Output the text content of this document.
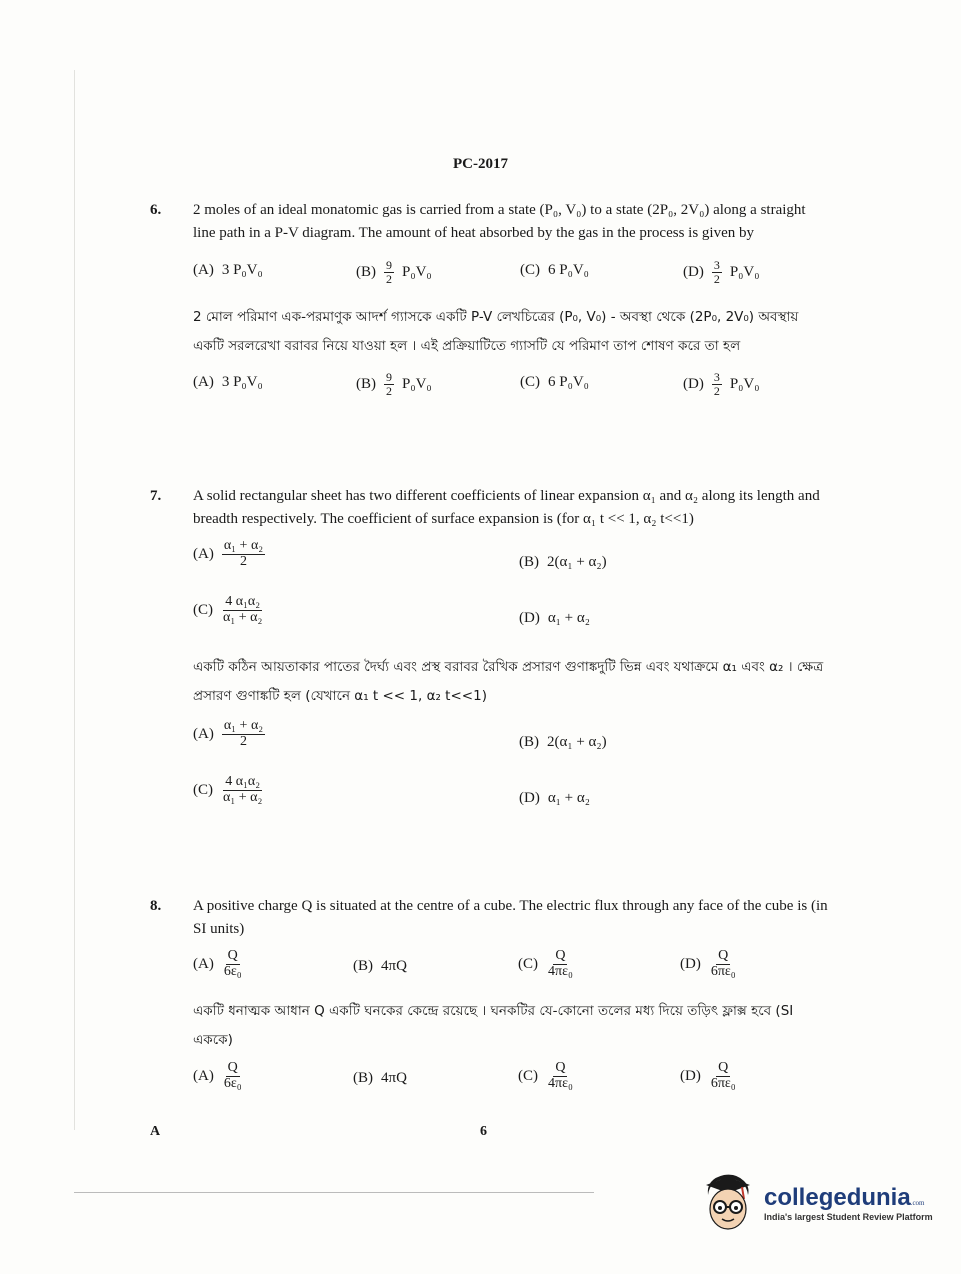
PC-2017
6. 2 moles of an ideal monatomic gas is carried from a state (P₀, V₀) to a state (2P₀, 2V₀) along a straight line path in a P-V diagram. The amount of heat absorbed by the gas in the process is given by
(A) 3 P₀V₀	$(B) \frac{9}{2} P_0V_0$	(C) 6 P₀V₀	$(D) \frac{3}{2} P_0V_0$
2 মোল পরিমাণ এক-পরমাণুক আদর্শ গ্যাসকে একটি P-V লেখচিত্রের (P₀, V₀) - অবস্থা থেকে (2P₀, 2V₀) অবস্থায় একটি সরলরেখা বরাবর নিয়ে যাওয়া হল । এই প্রক্রিয়াটিতে গ্যাসটি যে পরিমাণ তাপ শোষণ করে তা হল
(A) 3 P₀V₀	$(B) \frac{9}{2} P_0V_0$	(C) 6 P₀V₀	$(D) \frac{3}{2} P_0V_0$
7. A solid rectangular sheet has two different coefficients of linear expansion α₁ and α₂ along its length and breadth respectively. The coefficient of surface expansion is (for α₁ t << 1, α₂ t<<1)
$(A) \frac{\text{α₁ + α₂}}{2}$	(B) 2(α₁ + α₂)
$(C) \frac{\text{4 α₁α₂}}{\text{α₁ + α₂}}$	(D) α₁ + α₂
একটি কঠিন আয়তাকার পাতের দৈর্ঘ্য এবং প্রস্থ বরাবর রৈখিক প্রসারণ গুণাঙ্কদুটি ভিন্ন এবং যথাক্রমে α₁ এবং α₂ । ক্ষেত্র প্রসারণ গুণাঙ্কটি হল (যেখানে α₁ t << 1, α₂ t<<1)
$(A) \frac{\text{α₁ + α₂}}{2}$	(B) 2(α₁ + α₂)
$(C) \frac{\text{4 α₁α₂}}{\text{α₁ + α₂}}$	(D) α₁ + α₂
8. A positive charge Q is situated at the centre of a cube. The electric flux through any face of the cube is (in SI units)
$(A) \frac{Q}{\text{6ε₀}}$	(B) 4πQ	$(C) \frac{Q}{\text{4πε₀}}$	$(D) \frac{Q}{\text{6πε₀}}$
একটি ধনাত্মক আধান Q একটি ঘনকের কেন্দ্রে রয়েছে । ঘনকটির যে-কোনো তলের মধ্য দিয়ে তড়িৎ ফ্লাক্স হবে (SI এককে)
$(A) \frac{Q}{\text{6ε₀}}$	(B) 4πQ	$(C) \frac{Q}{\text{4πε₀}}$	$(D) \frac{Q}{\text{6πε₀}}$
A	6
collegedunia.com
India's largest Student Review Platform
